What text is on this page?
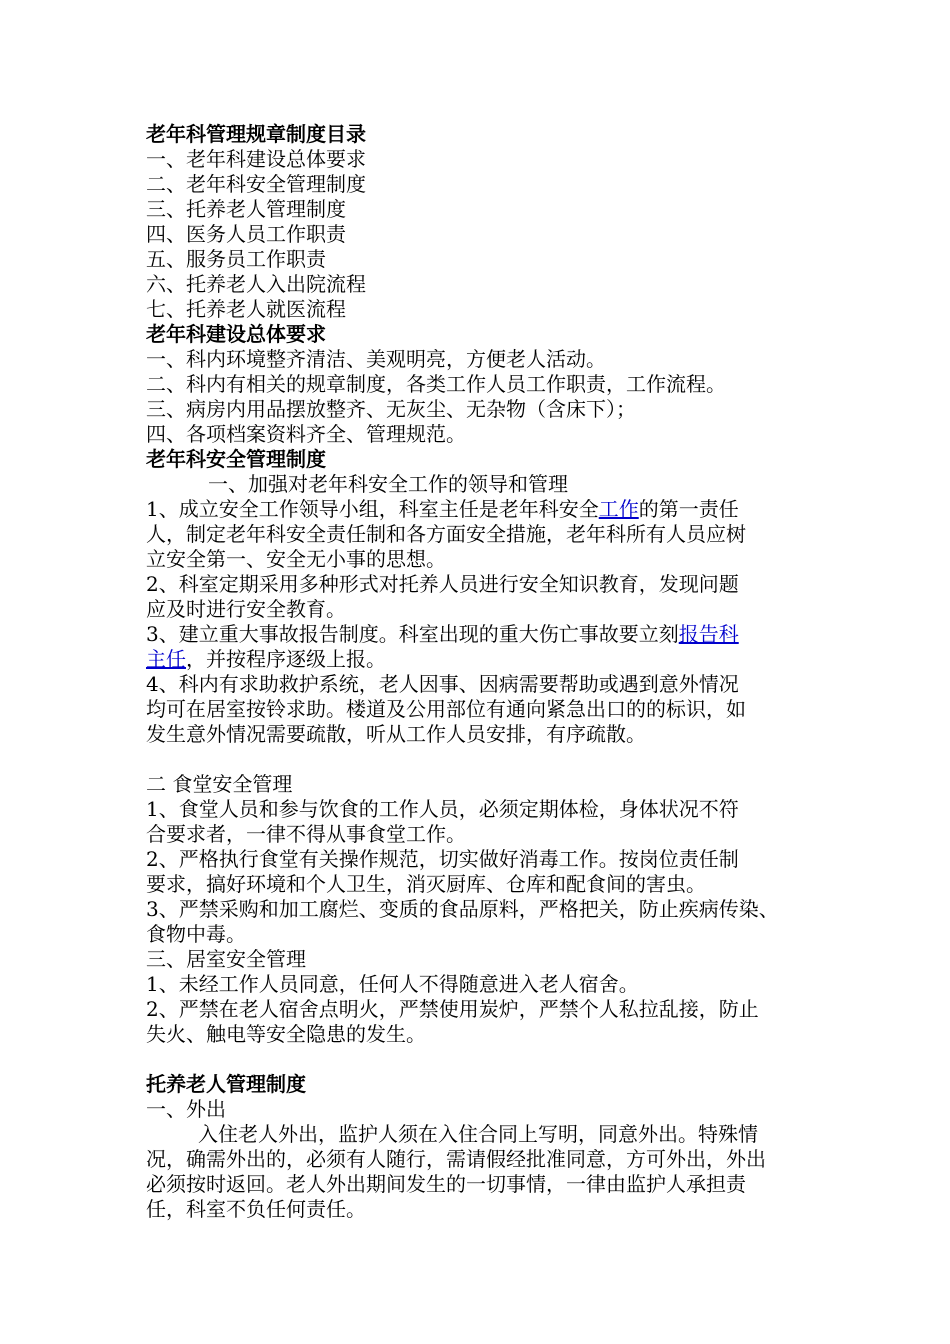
老年科管理规章制度目录

一、老年科建设总体要求

二、老年科安全管理制度

三、托养老人管理制度

四、医务人员工作职责

五、服务员工作职责

六、托养老人入出院流程

七、托养老人就医流程

老年科建设总体要求

一、科内环境整齐清洁、美观明亮，方便老人活动。

二、科内有相关的规章制度，各类工作人员工作职责，工作流程。

三、病房内用品摆放整齐、无灰尘、无杂物（含床下）；

四、各项档案资料齐全、管理规范。

老年科安全管理制度

一、加强对老年科安全工作的领导和管理

1、成立安全工作领导小组，科室主任是老年科安全工作的第一责任

人，制定老年科安全责任制和各方面安全措施，老年科所有人员应树

立安全第一、安全无小事的思想。

2、科室定期采用多种形式对托养人员进行安全知识教育，发现问题

应及时进行安全教育。

3、建立重大事故报告制度。科室出现的重大伤亡事故要立刻报告科

主任，并按程序逐级上报。

4、科内有求助救护系统，老人因事、因病需要帮助或遇到意外情况

均可在居室按铃求助。楼道及公用部位有通向紧急出口的的标识，如

发生意外情况需要疏散，听从工作人员安排，有序疏散。

二 食堂安全管理

1、食堂人员和参与饮食的工作人员，必须定期体检，身体状况不符

合要求者，一律不得从事食堂工作。

2、严格执行食堂有关操作规范，切实做好消毒工作。按岗位责任制

要求，搞好环境和个人卫生，消灭厨库、仓库和配食间的害虫。

3、严禁采购和加工腐烂、变质的食品原料，严格把关，防止疾病传染、

食物中毒。

三、居室安全管理

1、未经工作人员同意，任何人不得随意进入老人宿舍。

2、严禁在老人宿舍点明火，严禁使用炭炉，严禁个人私拉乱接，防止

失火、触电等安全隐患的发生。

托养老人管理制度

一、外出

入住老人外出，监护人须在入住合同上写明，同意外出。特殊情

况，确需外出的，必须有人随行，需请假经批准同意，方可外出，外出

必须按时返回。老人外出期间发生的一切事情，一律由监护人承担责

任，科室不负任何责任。
